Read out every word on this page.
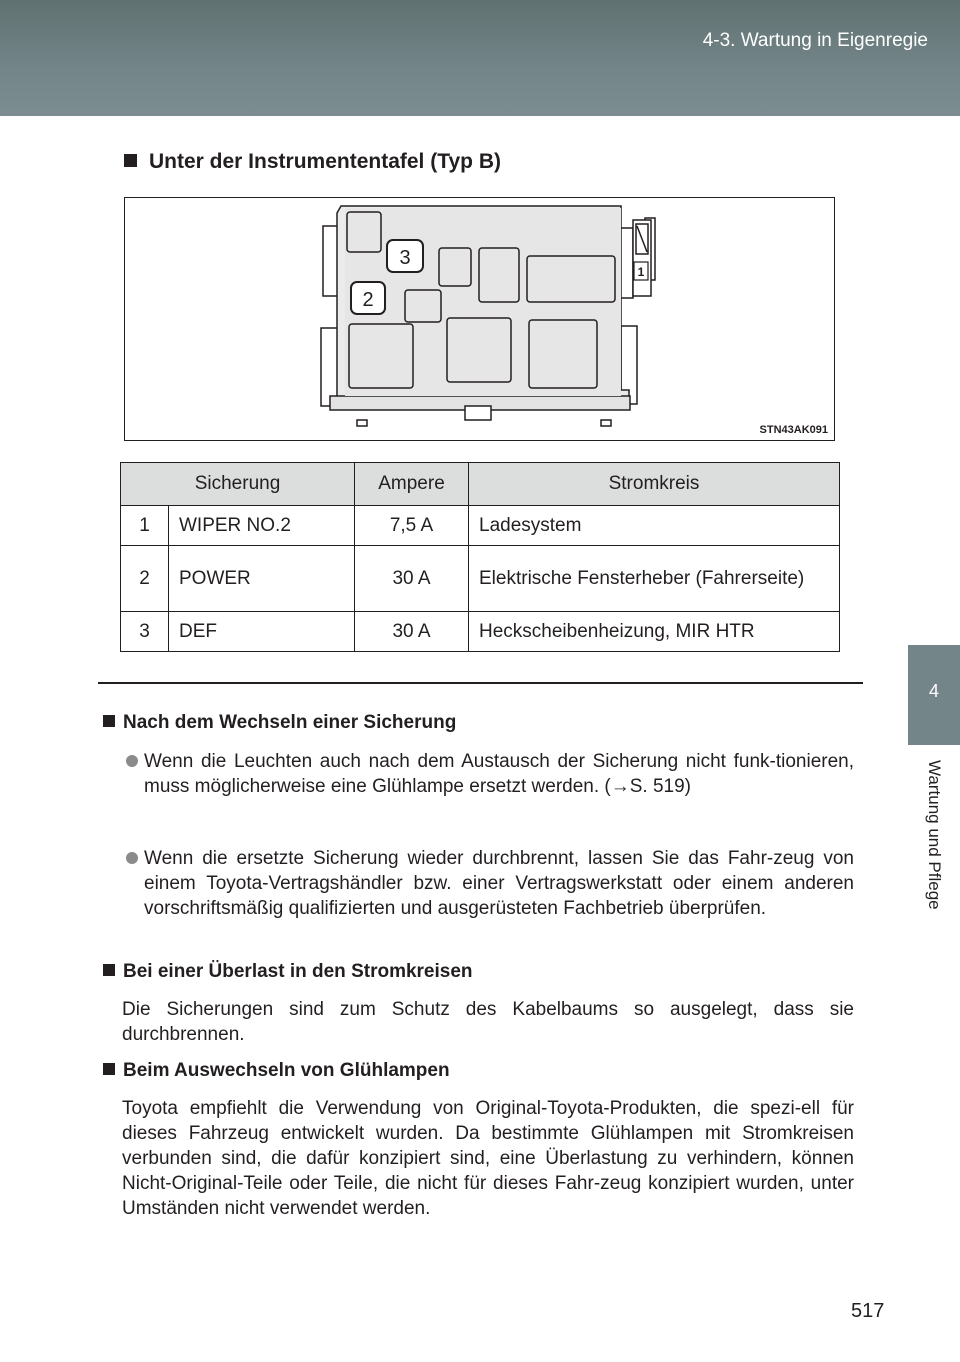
4-3. Wartung in Eigenregie
4
Wartung und Pflege
Unter der Instrumententafel (Typ B)
3
2
1
STN43AK091
Sicherung		Ampere	Stromkreis
1	WIPER NO.2	7,5 A	Ladesystem
2	POWER	30 A	Elektrische Fensterheber (Fahrerseite)
3	DEF	30 A	Heckscheibenheizung, MIR HTR
Nach dem Wechseln einer Sicherung
Wenn die Leuchten auch nach dem Austausch der Sicherung nicht funk-tionieren, muss möglicherweise eine Glühlampe ersetzt werden. (→S. 519)
Wenn die ersetzte Sicherung wieder durchbrennt, lassen Sie das Fahr-zeug von einem Toyota-Vertragshändler bzw. einer Vertragswerkstatt oder einem anderen vorschriftsmäßig qualifizierten und ausgerüsteten Fachbetrieb überprüfen.
Bei einer Überlast in den Stromkreisen
Die Sicherungen sind zum Schutz des Kabelbaums so ausgelegt, dass sie durchbrennen.
Beim Auswechseln von Glühlampen
Toyota empfiehlt die Verwendung von Original-Toyota-Produkten, die spezi-ell für dieses Fahrzeug entwickelt wurden. Da bestimmte Glühlampen mit Stromkreisen verbunden sind, die dafür konzipiert sind, eine Überlastung zu verhindern, können Nicht-Original-Teile oder Teile, die nicht für dieses Fahr-zeug konzipiert wurden, unter Umständen nicht verwendet werden.
517
